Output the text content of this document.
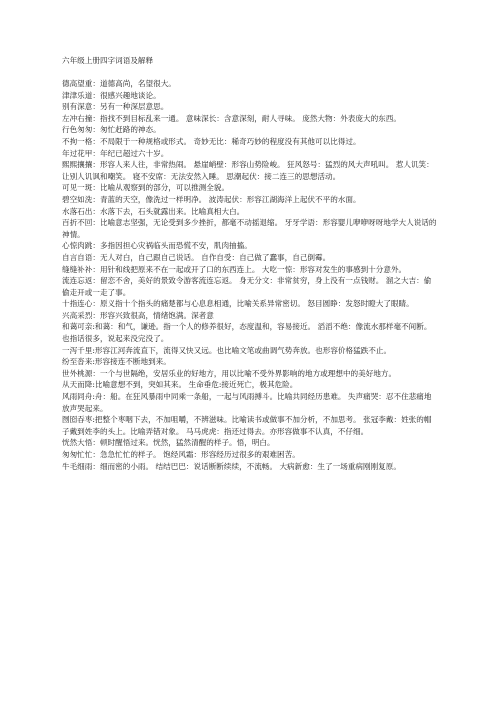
六年级上册四字词语及解释

德高望重：道德高尚，名望很大。

津津乐道：很感兴趣地谈论。

别有深意：另有一种深层意思。

左冲右撞：指找不到目标乱来一通。 意味深长：含意深刻，耐人寻味。 庞然大物：外表庞大的东西。

行色匆匆：匆忙赶路的神态。

不拘一格：不局限于一种规格或形式。 奇妙无比：稀奇巧妙的程度没有其他可以比得过。

年过花甲：年纪已超过六十岁。

熙熙攘攘：形容人来人往，非常热闹。 悬崖峭壁：形容山势险峻。 狂风怒号：猛烈的风大声吼叫。 惹人讥笑：让别人讥讽和嘲笑。 寝不安席：无法安然入睡。 思潮起伏：接二连三的思想活动。

可见一斑：比喻从观察到的部分，可以推测全貌。

碧空如洗：青蓝的天空，像洗过一样明净。 波涛起伏：形容江湖海洋上起伏不平的水面。

水落石出：水落下去，石头就露出来。比喻真相大白。

百折不回：比喻意志坚强，无论受到多少挫折，都毫不动摇退缩。 牙牙学语：形容婴儿咿咿呀呀地学大人说话的神情。

心惊肉跳：多指因担心灾祸临头而恐慌不安，肌肉抽搐。

自言自语：无人对白，自己跟自己说话。 自作自受：自己做了蠢事，自己倒霉。

缝缝补补：用针和线把原来不在一起或开了口的东西连上。 大吃一惊：形容对发生的事感到十分意外。

流连忘返：留恋不舍，美好的景致令游客流连忘返。 身无分文：非常贫穷，身上没有一点钱财。 溜之大吉：偷偷走开或一走了事。

十指连心：原义指十个指头的痛楚都与心息息相通，比喻关系异常密切。 怒目圆睁：发怒时瞪大了眼睛。

兴高采烈：形容兴致很高，情绪饱满。深者意

和蔼可亲:和蔼：和气，谦逊。指一个人的修养很好，态度温和，容易接近。 滔滔不绝：像流水那样毫不间断。也指话很多，说起来没完没了。

一泻千里:形容江河奔流直下，流得又快又远。也比喻文笔或曲调气势奔放。也形容价格猛跌不止。

纷至沓来:形容接连不断地到来。

世外桃源：一个与世隔绝，安居乐业的好地方，用以比喻不受外界影响的地方或理想中的美好地方。

从天而降:比喻意想不到，突如其来。 生命垂危:接近死亡，极其危险。

风雨同舟:舟：船。在狂风暴雨中同乘一条船，一起与风雨搏斗。比喻共同经历患难。 失声痛哭：忍不住悲痛地放声哭起来。

囫囵吞枣:把整个枣咽下去，不加咀嚼，不辨滋味。比喻读书或做事不加分析，不加思考。 张冠李戴：姓张的帽子戴到姓李的头上。比喻弄错对象。 马马虎虎：指还过得去。亦形容做事不认真，不仔细。

恍然大悟：顿时醒悟过来。恍然，猛然清醒的样子。悟，明白。

匆匆忙忙：急急忙忙的样子。 饱经风霜：形容经历过很多的艰难困苦。

牛毛细雨：细而密的小雨。 结结巴巴：说话断断续续，不流畅。 大病新愈：生了一场重病刚刚复原。
